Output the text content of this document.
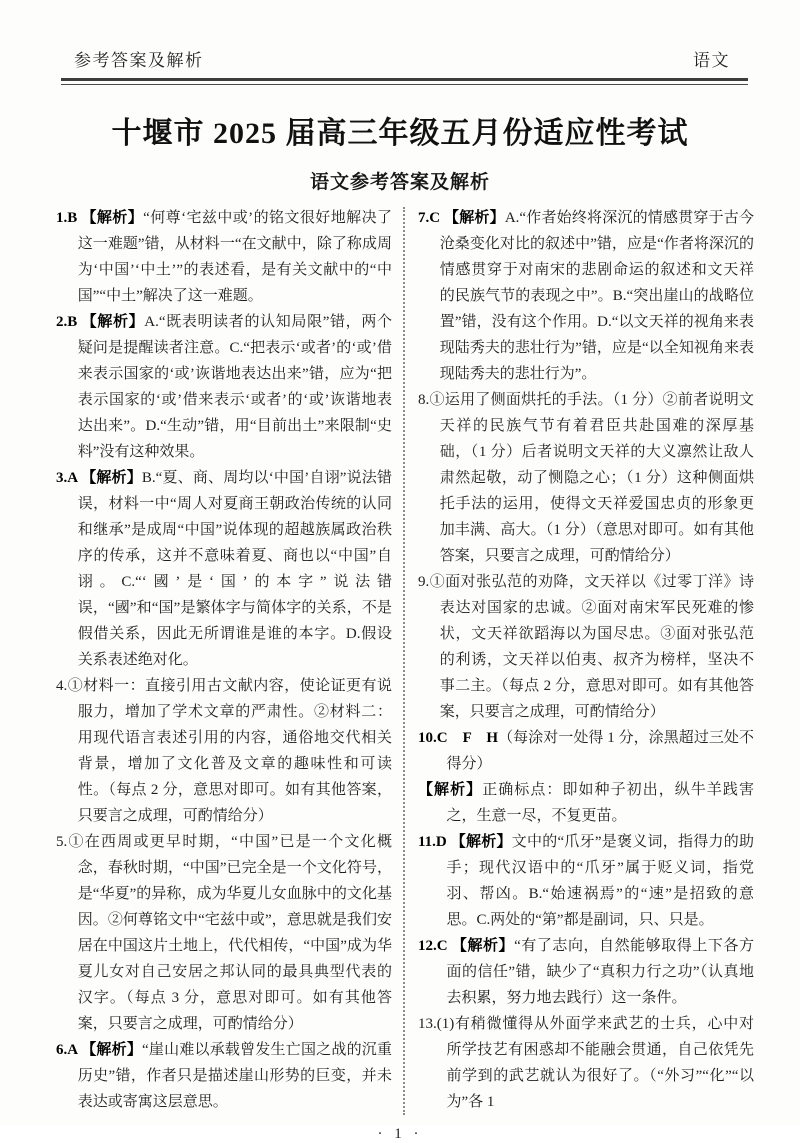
参考答案及解析	语文
十堰市 2025 届高三年级五月份适应性考试
语文参考答案及解析
1.B 【解析】“何尊‘宅兹中或’的铭文很好地解决了这一难题”错，从材料一“在文献中，除了称成周为‘中国’‘中土’”的表述看，是有关文献中的“中国”“中土”解决了这一难题。
2.B 【解析】A.“既表明读者的认知局限”错，两个疑问是提醒读者注意。C.“把表示‘或者’的‘或’借来表示国家的‘或’诙谐地表达出来”错，应为“把表示国家的‘或’借来表示‘或者’的‘或’诙谐地表达出来”。D.“生动”错，用“目前出土”来限制“史料”没有这种效果。
3.A 【解析】B.“夏、商、周均以‘中国’自诩”说法错误，材料一中“周人对夏商王朝政治传统的认同和继承”是成周“中国”说体现的超越族属政治秩序的传承，这并不意味着夏、商也以“中国”自诩。C.“‘國’是‘国’的本字”说法错误，“國”和“国”是繁体字与简体字的关系，不是假借关系，因此无所谓谁是谁的本字。D.假设关系表述绝对化。
4.①材料一：直接引用古文献内容，使论证更有说服力，增加了学术文章的严肃性。②材料二：用现代语言表述引用的内容，通俗地交代相关背景，增加了文化普及文章的趣味性和可读性。（每点 2 分，意思对即可。如有其他答案，只要言之成理，可酌情给分）
5.①在西周或更早时期，“中国”已是一个文化概念，春秋时期，“中国”已完全是一个文化符号，是“华夏”的异称，成为华夏儿女血脉中的文化基因。②何尊铭文中“宅兹中或”，意思就是我们安居在中国这片土地上，代代相传，“中国”成为华夏儿女对自己安居之邦认同的最具典型代表的汉字。（每点 3 分，意思对即可。如有其他答案，只要言之成理，可酌情给分）
6.A 【解析】“崖山难以承载曾发生亡国之战的沉重历史”错，作者只是描述崖山形势的巨变，并未表达或寄寓这层意思。
7.C 【解析】A.“作者始终将深沉的情感贯穿于古今沧桑变化对比的叙述中”错，应是“作者将深沉的情感贯穿于对南宋的悲剧命运的叙述和文天祥的民族气节的表现之中”。B.“突出崖山的战略位置”错，没有这个作用。D.“以文天祥的视角来表现陆秀夫的悲壮行为”错，应是“以全知视角来表现陆秀夫的悲壮行为”。
8.①运用了侧面烘托的手法。（1 分）②前者说明文天祥的民族气节有着君臣共赴国难的深厚基础，（1 分）后者说明文天祥的大义凛然让敌人肃然起敬，动了恻隐之心；（1 分）这种侧面烘托手法的运用，使得文天祥爱国忠贞的形象更加丰满、高大。（1 分）（意思对即可。如有其他答案，只要言之成理，可酌情给分）
9.①面对张弘范的劝降，文天祥以《过零丁洋》诗表达对国家的忠诚。②面对南宋军民死难的惨状，文天祥欲蹈海以为国尽忠。③面对张弘范的利诱，文天祥以伯夷、叔齐为榜样，坚决不事二主。（每点 2 分，意思对即可。如有其他答案，只要言之成理，可酌情给分）
10.C　F　H（每涂对一处得 1 分，涂黑超过三处不得分）
【解析】正确标点：即如种子初出，纵牛羊践害之，生意一尽，不复更苗。
11.D 【解析】文中的“爪牙”是褒义词，指得力的助手；现代汉语中的“爪牙”属于贬义词，指党羽、帮凶。B.“始速祸焉”的“速”是招致的意思。C.两处的“第”都是副词，只、只是。
12.C 【解析】“有了志向，自然能够取得上下各方面的信任”错，缺少了“真积力行之功”（认真地去积累，努力地去践行）这一条件。
13.(1)有稍微懂得从外面学来武艺的士兵，心中对所学技艺有困惑却不能融会贯通，自己依凭先前学到的武艺就认为很好了。（“外习”“化”“以为”各 1
· 1 ·
